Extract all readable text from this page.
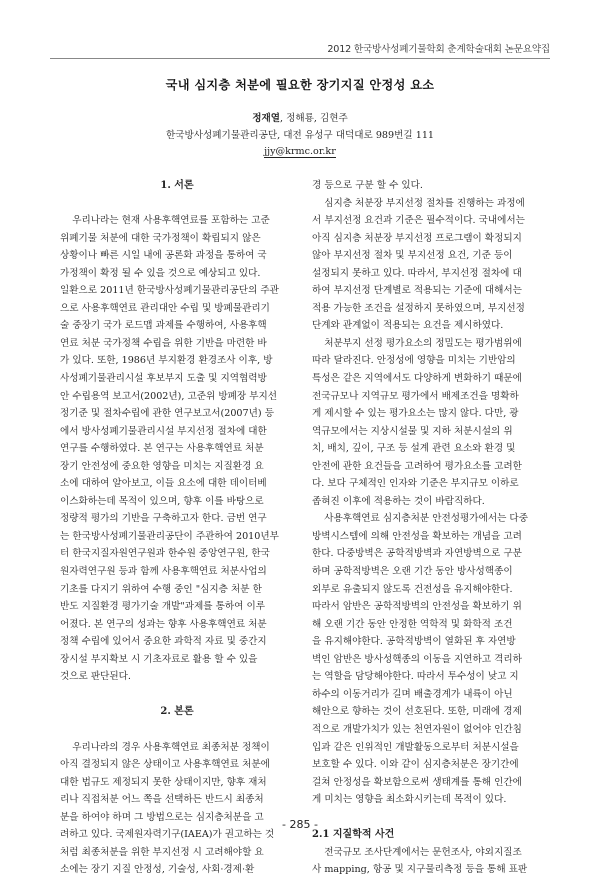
2012 한국방사성폐기물학회 춘계학술대회 논문요약집
국내 심지층 처분에 필요한 장기지질 안정성 요소
정재열, 정해룡, 김현주
한국방사성폐기물관리공단, 대전 유성구 대덕대로 989번길 111
jjy@krmc.or.kr
1. 서론
우리나라는 현재 사용후핵연료를 포함하는 고준
위폐기물 처분에 대한 국가정책이 확립되지 않은
상황이나 빠른 시일 내에 공론화 과정을 통하여 국
가정책이 확정 될 수 있을 것으로 예상되고 있다.
일환으로 2011년 한국방사성폐기물관리공단의 주관
으로 사용후핵연료 관리대안 수립 및 방폐물관리기
술 중장기 국가 로드맵 과제를 수행하여, 사용후핵
연료 처분 국가정책 수립을 위한 기반을 마련한 바
가 있다. 또한, 1986년 부지환경 환경조사 이후, 방
사성폐기물관리시설 후보부지 도출 및 지역협력방
안 수립용역 보고서(2002년), 고준위 방폐장 부지선
정기준 및 절차수립에 관한 연구보고서(2007년) 등
에서 방사성폐기물관리시설 부지선정 절차에 대한
연구를 수행하였다. 본 연구는 사용후핵연료 처분
장기 안전성에 중요한 영향을 미치는 지질환경 요
소에 대하여 알아보고, 이들 요소에 대한 데이터베
이스화하는데 목적이 있으며, 향후 이를 바탕으로
정량적 평가의 기반을 구축하고자 한다. 금번 연구
는 한국방사성폐기물관리공단이 주관하여 2010년부
터 한국지질자원연구원과 한수원 중앙연구원, 한국
원자력연구원 등과 함께 사용후핵연료 처분사업의
기초를 다지기 위하여 수행 중인 "심지층 처분 한
반도 지질환경 평가기술 개발"과제를 통하여 이루
어졌다. 본 연구의 성과는 향후 사용후핵연료 처분
정책 수립에 있어서 중요한 과학적 자료 및 중간지
장시설 부지확보 시 기초자료로 활용 할 수 있을
것으로 판단된다.
2. 본론
우리나라의 경우 사용후핵연료 최종처분 정책이
아직 결정되지 않은 상태이고 사용후핵연료 처분에
대한 법규도 제정되지 못한 상태이지만, 향후 재처
리나 직접처분 어느 쪽을 선택하든 반드시 최종처
분을 하여야 하며 그 방법으로는 심지층처분을 고
려하고 있다. 국제원자력기구(IAEA)가 권고하는 것
처럼 최종처분을 위한 부지선정 시 고려해야할 요
소에는 장기 지질 안정성, 기술성, 사회·경제·환
경 등으로 구분 할 수 있다.
심지층 처분장 부지선정 절차를 진행하는 과정에
서 부지선정 요건과 기준은 필수적이다. 국내에서는
아직 심지층 처분장 부지선정 프로그램이 확정되지
않아 부지선정 절차 및 부지선정 요건, 기준 등이
설정되지 못하고 있다. 따라서, 부지선정 절차에 대
하여 부지선정 단계별로 적용되는 기준에 대해서는
적용 가능한 조건을 설정하지 못하였으며, 부지선정
단계와 관계없이 적용되는 요건을 제시하였다.
처분부지 선정 평가요소의 정밀도는 평가범위에
따라 달라진다. 안정성에 영향을 미치는 기반암의
특성은 같은 지역에서도 다양하게 변화하기 때문에
전국규모나 지역규모 평가에서 배제조건을 명확하
게 제시할 수 있는 평가요소는 많지 않다. 다만, 광
역규모에서는 지상시설물 및 지하 처분시설의 위
치, 배치, 깊이, 구조 등 설계 관련 요소와 환경 및
안전에 관한 요건들을 고려하여 평가요소를 고려한
다. 보다 구체적인 인자와 기준은 부지규모 이하로
좁혀진 이후에 적용하는 것이 바람직하다.
사용후핵연료 심지층처분 안전성평가에서는 다중
방벽시스템에 의해 안전성을 확보하는 개념을 고려
한다. 다중방벽은 공학적방벽과 자연방벽으로 구분
하며 공학적방벽은 오랜 기간 동안 방사성핵종이
외부로 유출되지 않도록 건전성을 유지해야한다.
따라서 암반은 공학적방벽의 안전성을 확보하기 위
해 오랜 기간 동안 안정한 역학적 및 화학적 조건
을 유지해야한다. 공학적방벽이 열화된 후 자연방
벽인 암반은 방사성핵종의 이동을 지연하고 격리하
는 역할을 담당해야한다. 따라서 투수성이 낮고 지
하수의 이동거리가 길며 배출경계가 내륙이 아닌
해안으로 향하는 것이 선호된다. 또한, 미래에 경제
적으로 개발가치가 있는 천연자원이 없어야 인간침
입과 같은 인위적인 개발활동으로부터 처분시설을
보호할 수 있다. 이와 같이 심지층처분은 장기간에
걸쳐 안정성을 확보함으로써 생태계를 통해 인간에
게 미치는 영향을 최소화시키는데 목적이 있다.
2.1 지질학적 사건
전국규모 조사단계에서는 문헌조사, 야외지질조
사 mapping, 항공 및 지구물리측정 등을 통해 표판
- 285 -
